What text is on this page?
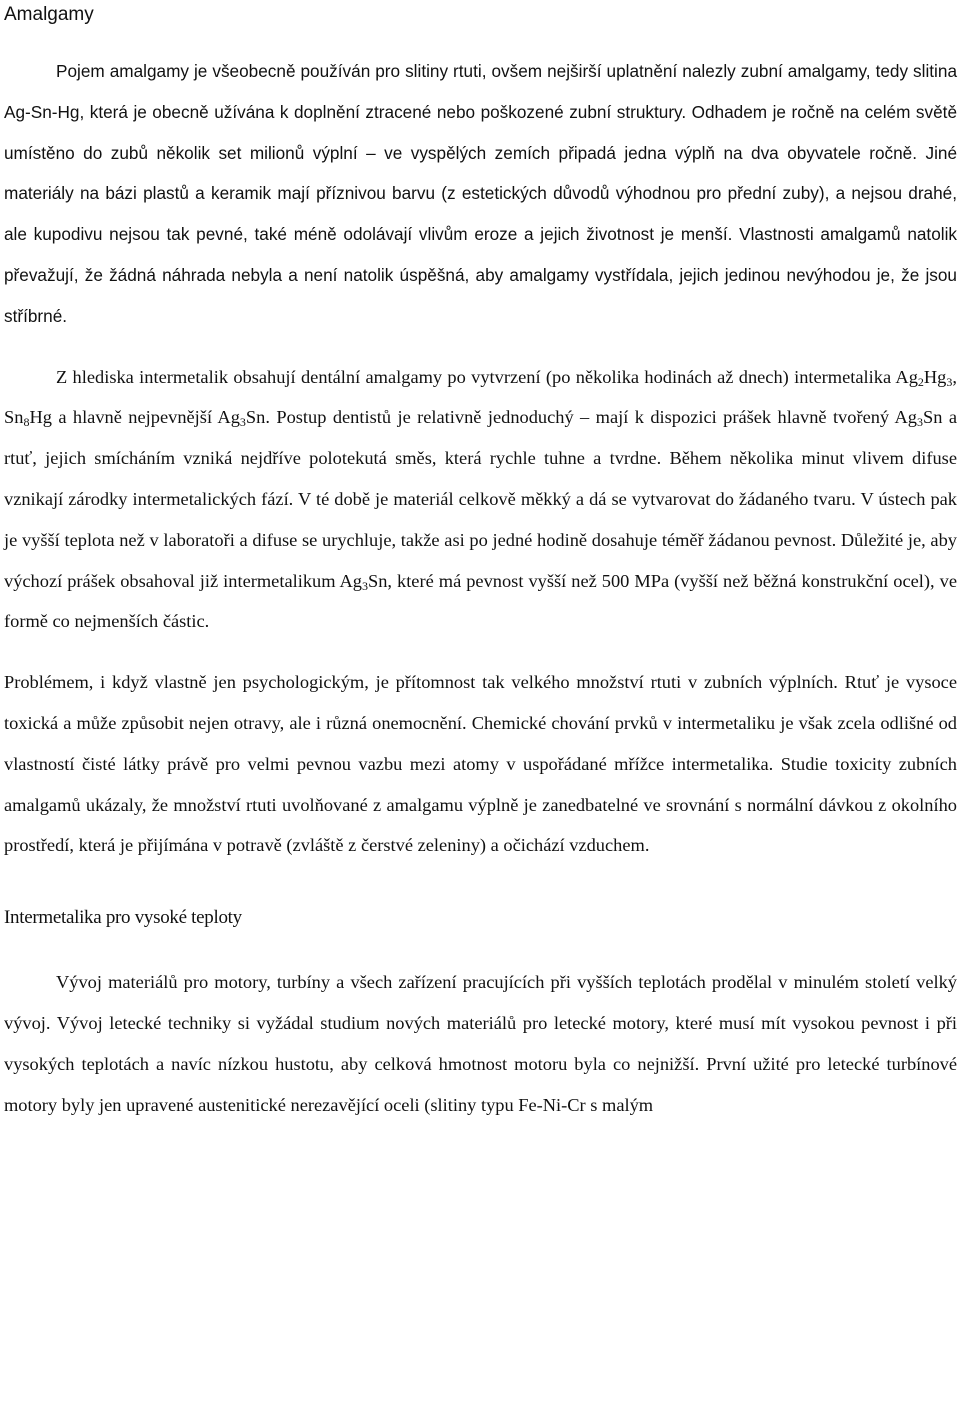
Amalgamy

Pojem amalgamy je všeobecně používán pro slitiny rtuti, ovšem nejširší uplatnění nalezly zubní amalgamy, tedy slitina Ag-Sn-Hg, která je obecně užívána k doplnění ztracené nebo poškozené zubní struktury. Odhadem je ročně na celém světě umístěno do zubů několik set milionů výplní – ve vyspělých zemích připadá jedna výplň na dva obyvatele ročně. Jiné materiály na bázi plastů a keramik mají příznivou barvu (z estetických důvodů výhodnou pro přední zuby), a nejsou drahé, ale kupodivu nejsou tak pevné, také méně odolávají vlivům eroze a jejich životnost je menší. Vlastnosti amalgamů natolik převažují, že žádná náhrada nebyla a není natolik úspěšná, aby amalgamy vystřídala, jejich jedinou nevýhodou je, že jsou stříbrné.

Z hlediska intermetalik obsahují dentální amalgamy po vytvrzení (po několika hodinách až dnech) intermetalika $Ag_2Hg_3$, $Sn_8Hg$ a hlavně nejpevnější $Ag_3Sn$. Postup dentistů je relativně jednoduchý – mají k dispozici prášek hlavně tvořený $Ag_3Sn$ a rtuť, jejich smícháním vzniká nejdříve polotekutá směs, která rychle tuhne a tvrdne. Během několika minut vlivem difuse vznikají zárodky intermetalických fází. V té době je materiál celkově měkký a dá se vytvarovat do žádaného tvaru. V ústech pak je vyšší teplota než v laboratoři a difuse se urychluje, takže asi po jedné hodině dosahuje téměř žádanou pevnost. Důležité je, aby výchozí prášek obsahoval již intermetalikum $Ag_3Sn$, které má pevnost vyšší než 500 MPa (vyšší než běžná konstrukční ocel), ve formě co nejmenších částic.

Problémem, i když vlastně jen psychologickým, je přítomnost tak velkého množství rtuti v zubních výplních. Rtuť je vysoce toxická a může způsobit nejen otravy, ale i různá onemocnění. Chemické chování prvků v intermetaliku je však zcela odlišné od vlastností čisté látky právě pro velmi pevnou vazbu mezi atomy v uspořádané mřížce intermetalika. Studie toxicity zubních amalgamů ukázaly, že množství rtuti uvolňované z amalgamu výplně je zanedbatelné ve srovnání s normální dávkou z okolního prostředí, která je přijímána v potravě (zvláště z čerstvé zeleniny) a očichází vzduchem.

Intermetalika pro vysoké teploty

Vývoj materiálů pro motory, turbíny a všech zařízení pracujících při vyšších teplotách prodělal v minulém století velký vývoj. Vývoj letecké techniky si vyžádal studium nových materiálů pro letecké motory, které musí mít vysokou pevnost i při vysokých teplotách a navíc nízkou hustotu, aby celková hmotnost motoru byla co nejnižší. První užité pro letecké turbínové motory byly jen upravené austenitické nerezavějící oceli (slitiny typu Fe-Ni-Cr s malým
